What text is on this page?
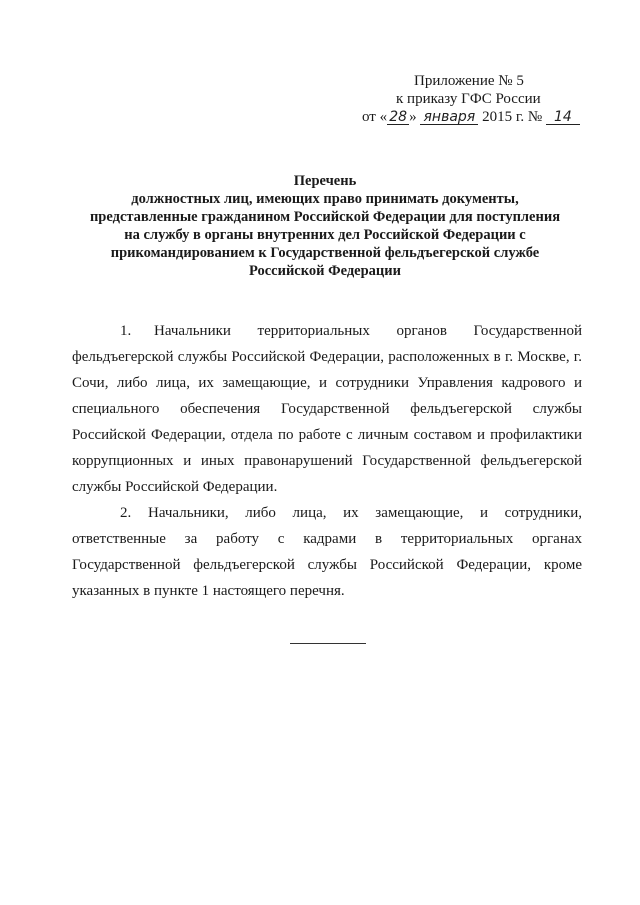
Приложение № 5
к приказу ГФС России
от « 28 » января 2015 г. № 14
Перечень
должностных лиц, имеющих право принимать документы,
представленные гражданином Российской Федерации для поступления
на службу в органы внутренних дел Российской Федерации с
прикомандированием к Государственной фельдъегерской службе
Российской Федерации

1. Начальники территориальных органов Государственной фельдъегерской службы Российской Федерации, расположенных в г. Москве, г. Сочи, либо лица, их замещающие, и сотрудники Управления кадрового и специального обеспечения Государственной фельдъегерской службы Российской Федерации, отдела по работе с личным составом и профилактики коррупционных и иных правонарушений Государственной фельдъегерской службы Российской Федерации.

2. Начальники, либо лица, их замещающие, и сотрудники, ответственные за работу с кадрами в территориальных органах Государственной фельдъегерской службы Российской Федерации, кроме указанных в пункте 1 настоящего перечня.
